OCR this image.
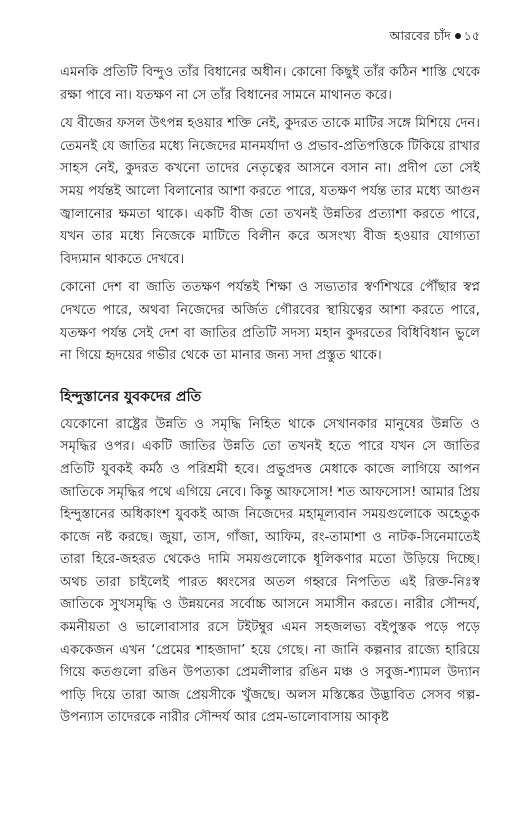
আরবের চাঁদ ১৫

এমনকি প্রতিটি বিন্দুও তাঁর বিধানের অধীন। কোনো কিছুই তাঁর কঠিন শাস্তি থেকে রক্ষা পাবে না। যতক্ষণ না সে তাঁর বিধানের সামনে মাথানত করে।

যে বীজের ফসল উৎপন্ন হওয়ার শক্তি নেই, কুদরত তাকে মাটির সঙ্গে মিশিয়ে দেন। তেমনই যে জাতির মধ্যে নিজেদের মানমর্যাদা ও প্রভাব-প্রতিপত্তিকে টিকিয়ে রাখার সাহস নেই, কুদরত কখনো তাদের নেতৃত্বের আসনে বসান না। প্রদীপ তো সেই সময় পর্যন্তই আলো বিলানোর আশা করতে পারে, যতক্ষণ পর্যন্ত তার মধ্যে আগুন জ্বালানোর ক্ষমতা থাকে। একটি বীজ তো তখনই উন্নতির প্রত্যাশা করতে পারে, যখন তার মধ্যে নিজেকে মাটিতে বিলীন করে অসংখ্য বীজ হওয়ার যোগ্যতা বিদ্যমান থাকতে দেখবে।

কোনো দেশ বা জাতি ততক্ষণ পর্যন্তই শিক্ষা ও সভ্যতার স্বর্ণশিখরে পৌঁছার স্বপ্ন দেখতে পারে, অথবা নিজেদের অর্জিত গৌরবের স্থায়িত্বের আশা করতে পারে, যতক্ষণ পর্যন্ত সেই দেশ বা জাতির প্রতিটি সদস্য মহান কুদরতের বিধিবিধান ভুলে না গিয়ে হৃদয়ের গভীর থেকে তা মানার জন্য সদা প্রস্তুত থাকে।

হিন্দুস্তানের যুবকদের প্রতি

যেকোনো রাষ্ট্রের উন্নতি ও সমৃদ্ধি নিহিত থাকে সেখানকার মানুষের উন্নতি ও সমৃদ্ধির ওপর। একটি জাতির উন্নতি তো তখনই হতে পারে যখন সে জাতির প্রতিটি যুবকই কর্মঠ ও পরিশ্রমী হবে। প্রভুপ্রদত্ত মেধাকে কাজে লাগিয়ে আপন জাতিকে সমৃদ্ধির পথে এগিয়ে নেবে। কিন্তু আফসোস! শত আফসোস! আমার প্রিয় হিন্দুস্তানের অধিকাংশ যুবকই আজ নিজেদের মহামূল্যবান সময়গুলোকে অহেতুক কাজে নষ্ট করছে। জুয়া, তাস, গাঁজা, আফিম, রং-তামাশা ও নাটক-সিনেমাতেই তারা হিরে-জহরত থেকেও দামি সময়গুলোকে ধূলিকণার মতো উড়িয়ে দিচ্ছে। অথচ তারা চাইলেই পারত ধ্বংসের অতল গহ্বরে নিপতিত এই রিক্ত-নিঃস্ব জাতিকে সুখসমৃদ্ধি ও উন্নয়নের সর্বোচ্চ আসনে সমাসীন করতে। নারীর সৌন্দর্য, কমনীয়তা ও ভালোবাসার রসে টইটম্বুর এমন সহজলভ্য বইপুস্তক পড়ে পড়ে এককেজন এখন ‘প্রেমের শাহজাদা’ হয়ে গেছে। না জানি কল্পনার রাজ্যে হারিয়ে গিয়ে কতগুলো রঙিন উপত্যকা প্রেমলীলার রঙিন মঞ্চ ও সবুজ-শ্যামল উদ্যান পাড়ি দিয়ে তারা আজ প্রেয়সীকে খুঁজছে। অলস মস্তিষ্কের উদ্ভাবিত সেসব গল্প-উপন্যাস তাদেরকে নারীর সৌন্দর্য আর প্রেম-ভালোবাসায় আকৃষ্ট
